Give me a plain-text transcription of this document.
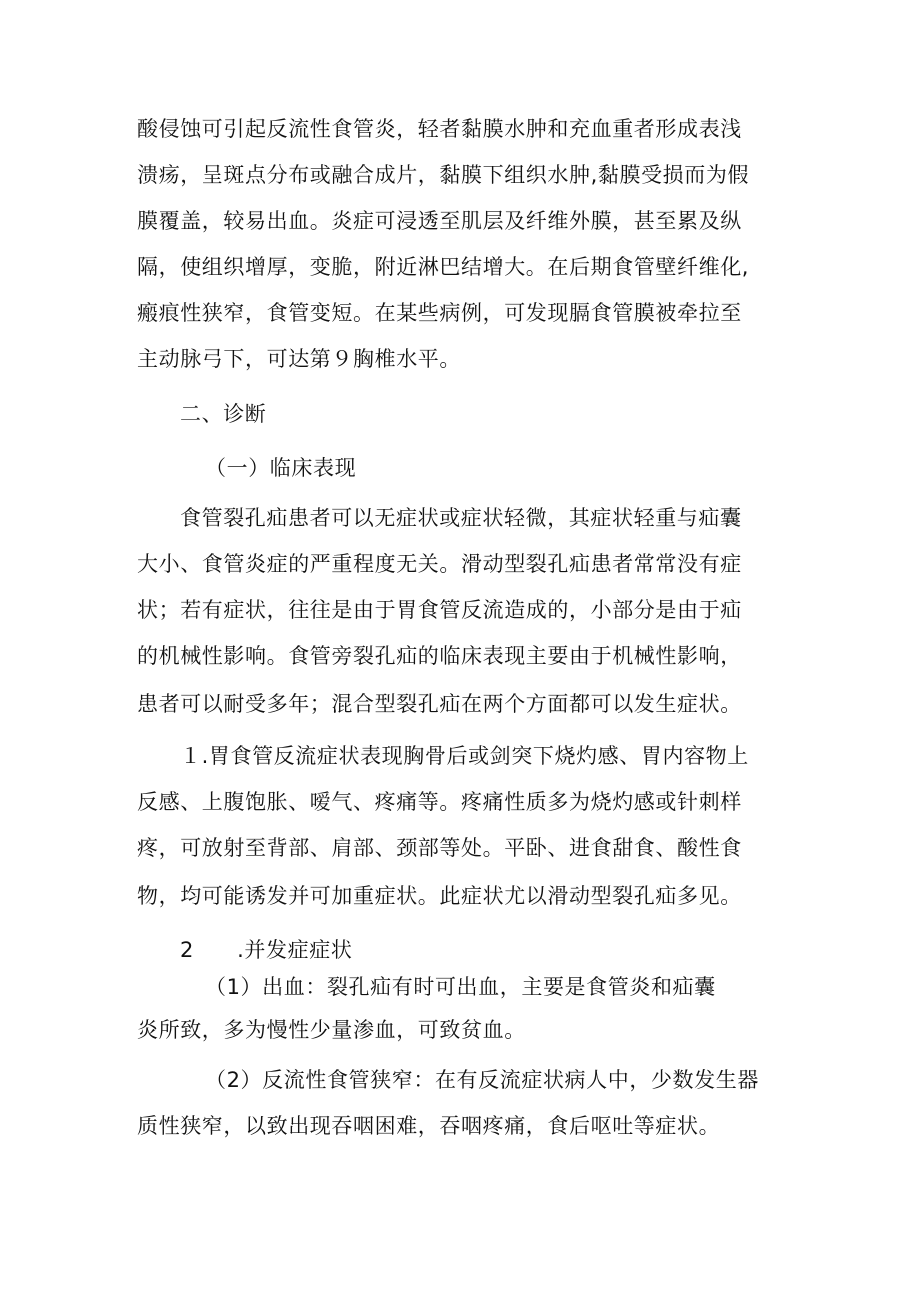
酸侵蚀可引起反流性食管炎，轻者黏膜水肿和充血重者形成表浅
溃疡，呈斑点分布或融合成片，黏膜下组织水肿,黏膜受损而为假
膜覆盖，较易出血。炎症可浸透至肌层及纤维外膜，甚至累及纵
隔，使组织增厚，变脆，附近淋巴结增大。在后期食管壁纤维化,
瘢痕性狭窄，食管变短。在某些病例，可发现膈食管膜被牵拉至
主动脉弓下，可达第９胸椎水平。
二、诊断
（一）临床表现
食管裂孔疝患者可以无症状或症状轻微，其症状轻重与疝囊
大小、食管炎症的严重程度无关。滑动型裂孔疝患者常常没有症
状；若有症状，往往是由于胃食管反流造成的，小部分是由于疝
的机械性影响。食管旁裂孔疝的临床表现主要由于机械性影响，
患者可以耐受多年；混合型裂孔疝在两个方面都可以发生症状。
１.胃食管反流症状表现胸骨后或剑突下烧灼感、胃内容物上
反感、上腹饱胀、嗳气、疼痛等。疼痛性质多为烧灼感或针刺样
疼，可放射至背部、肩部、颈部等处。平卧、进食甜食、酸性食
物，均可能诱发并可加重症状。此症状尤以滑动型裂孔疝多见。
2　　.并发症症状
（1）出血：裂孔疝有时可出血，主要是食管炎和疝囊
炎所致，多为慢性少量渗血，可致贫血。
（2）反流性食管狭窄：在有反流症状病人中，少数发生器
质性狭窄，以致出现吞咽困难，吞咽疼痛，食后呕吐等症状。
